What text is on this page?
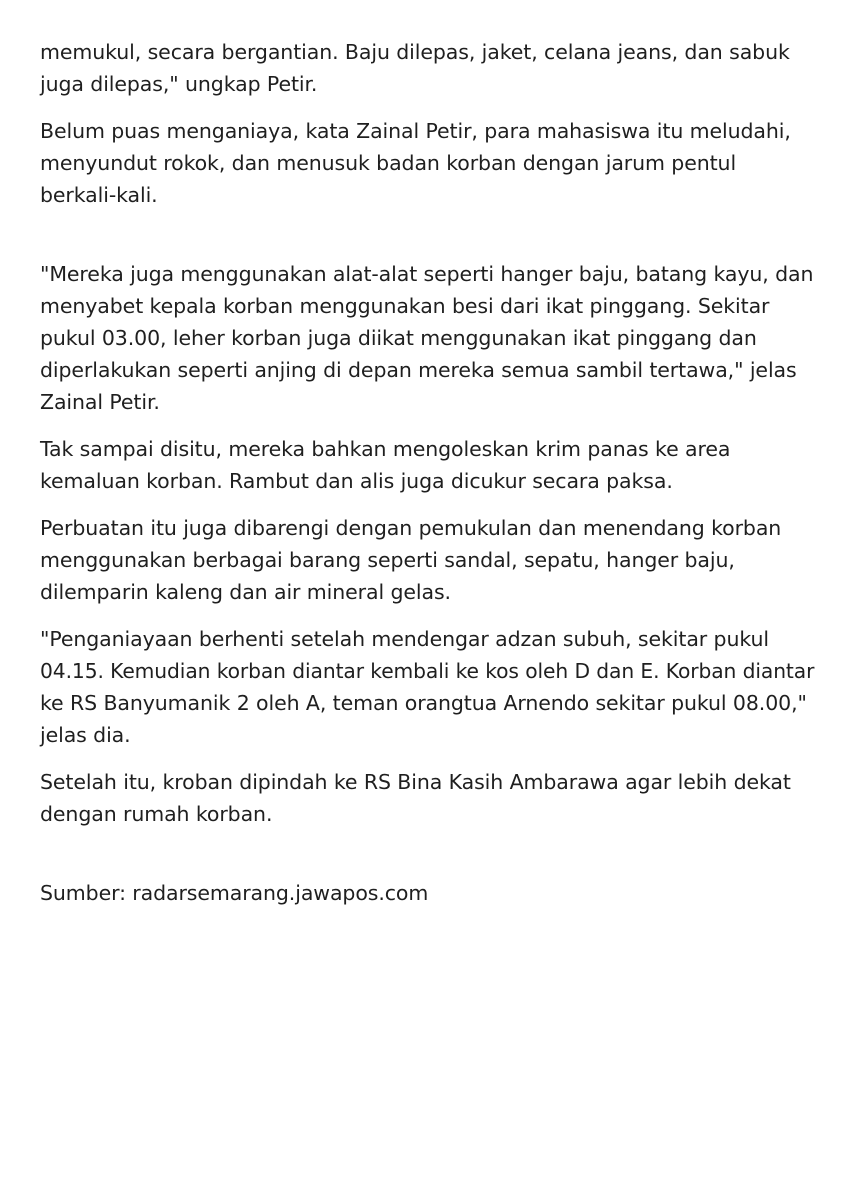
memukul, secara bergantian. Baju dilepas, jaket, celana jeans, dan sabuk
juga dilepas," ungkap Petir.

Belum puas menganiaya, kata Zainal Petir, para mahasiswa itu meludahi,
menyundut rokok, dan menusuk badan korban dengan jarum pentul
berkali-kali.

"Mereka juga menggunakan alat-alat seperti hanger baju, batang kayu, dan
menyabet kepala korban menggunakan besi dari ikat pinggang. Sekitar
pukul 03.00, leher korban juga diikat menggunakan ikat pinggang dan
diperlakukan seperti anjing di depan mereka semua sambil tertawa," jelas
Zainal Petir.

Tak sampai disitu, mereka bahkan mengoleskan krim panas ke area
kemaluan korban. Rambut dan alis juga dicukur secara paksa.

Perbuatan itu juga dibarengi dengan pemukulan dan menendang korban
menggunakan berbagai barang seperti sandal, sepatu, hanger baju,
dilemparin kaleng dan air mineral gelas.

"Penganiayaan berhenti setelah mendengar adzan subuh, sekitar pukul
04.15. Kemudian korban diantar kembali ke kos oleh D dan E. Korban diantar
ke RS Banyumanik 2 oleh A, teman orangtua Arnendo sekitar pukul 08.00,"
jelas dia.

Setelah itu, kroban dipindah ke RS Bina Kasih Ambarawa agar lebih dekat
dengan rumah korban.

Sumber: radarsemarang.jawapos.com
